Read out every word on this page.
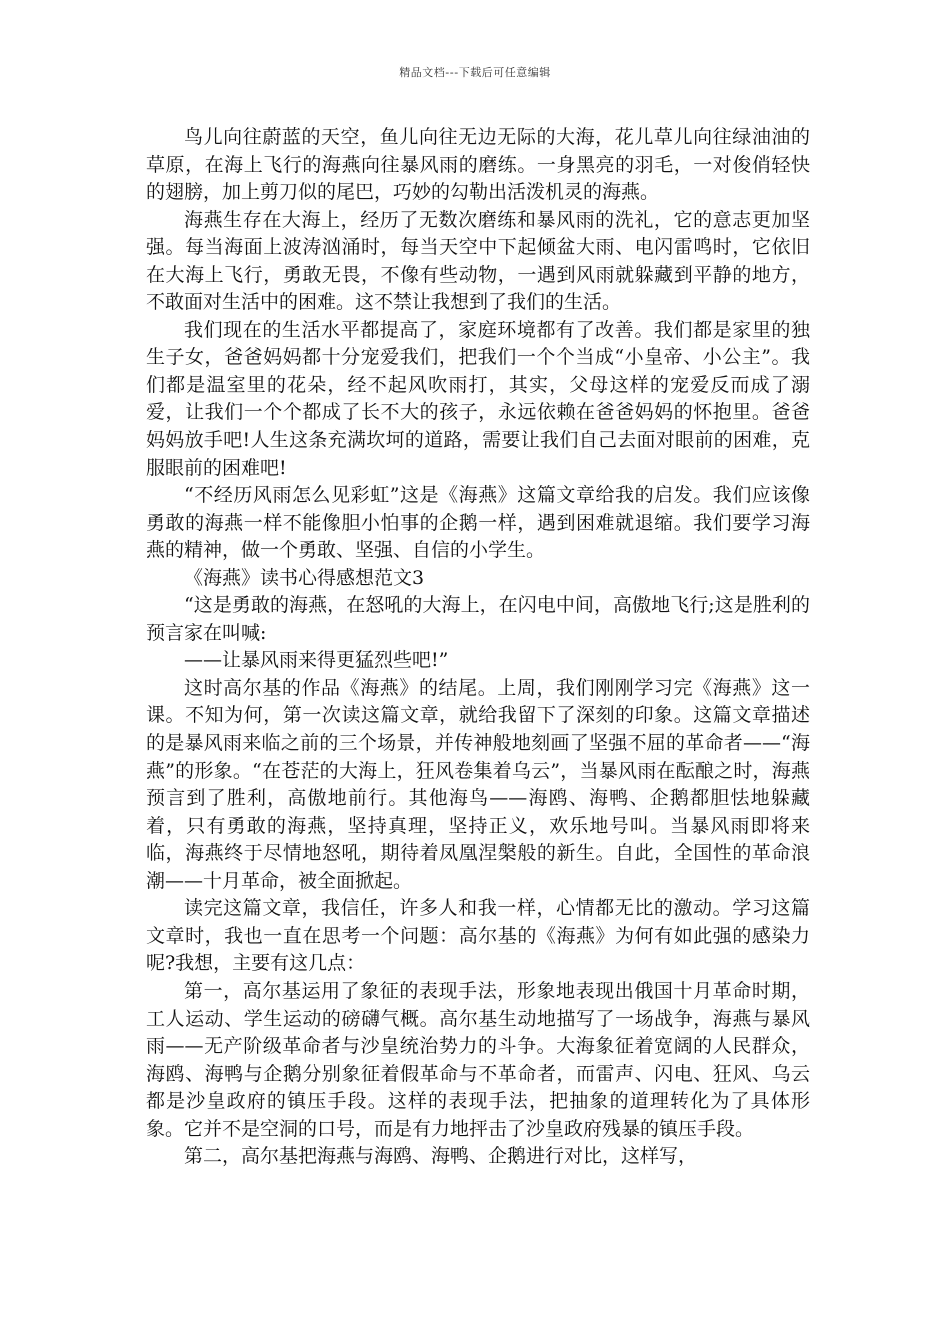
精品文档---下载后可任意编辑

鸟儿向往蔚蓝的天空，鱼儿向往无边无际的大海，花儿草儿向往绿油油的草原，在海上飞行的海燕向往暴风雨的磨练。一身黑亮的羽毛，一对俊俏轻快的翅膀，加上剪刀似的尾巴，巧妙的勾勒出活泼机灵的海燕。

海燕生存在大海上，经历了无数次磨练和暴风雨的洗礼，它的意志更加坚强。每当海面上波涛汹涌时，每当天空中下起倾盆大雨、电闪雷鸣时，它依旧在大海上飞行，勇敢无畏，不像有些动物，一遇到风雨就躲藏到平静的地方，不敢面对生活中的困难。这不禁让我想到了我们的生活。

我们现在的生活水平都提高了，家庭环境都有了改善。我们都是家里的独生子女，爸爸妈妈都十分宠爱我们，把我们一个个当成“小皇帝、小公主”。我们都是温室里的花朵，经不起风吹雨打，其实，父母这样的宠爱反而成了溺爱，让我们一个个都成了长不大的孩子，永远依赖在爸爸妈妈的怀抱里。爸爸妈妈放手吧!人生这条充满坎坷的道路，需要让我们自己去面对眼前的困难，克服眼前的困难吧!

“不经历风雨怎么见彩虹”这是《海燕》这篇文章给我的启发。我们应该像勇敢的海燕一样不能像胆小怕事的企鹅一样，遇到困难就退缩。我们要学习海燕的精神，做一个勇敢、坚强、自信的小学生。

《海燕》读书心得感想范文3

“这是勇敢的海燕，在怒吼的大海上，在闪电中间，高傲地飞行;这是胜利的预言家在叫喊:

——让暴风雨来得更猛烈些吧!”

这时高尔基的作品《海燕》的结尾。上周，我们刚刚学习完《海燕》这一课。不知为何，第一次读这篇文章，就给我留下了深刻的印象。这篇文章描述的是暴风雨来临之前的三个场景，并传神般地刻画了坚强不屈的革命者——“海燕”的形象。“在苍茫的大海上，狂风卷集着乌云”，当暴风雨在酝酿之时，海燕预言到了胜利，高傲地前行。其他海鸟——海鸥、海鸭、企鹅都胆怯地躲藏着，只有勇敢的海燕，坚持真理，坚持正义，欢乐地号叫。当暴风雨即将来临，海燕终于尽情地怒吼，期待着凤凰涅槃般的新生。自此，全国性的革命浪潮——十月革命，被全面掀起。

读完这篇文章，我信任，许多人和我一样，心情都无比的激动。学习这篇文章时，我也一直在思考一个问题：高尔基的《海燕》为何有如此强的感染力呢?我想，主要有这几点：

第一，高尔基运用了象征的表现手法，形象地表现出俄国十月革命时期，工人运动、学生运动的磅礴气概。高尔基生动地描写了一场战争，海燕与暴风雨——无产阶级革命者与沙皇统治势力的斗争。大海象征着宽阔的人民群众，海鸥、海鸭与企鹅分别象征着假革命与不革命者，而雷声、闪电、狂风、乌云都是沙皇政府的镇压手段。这样的表现手法，把抽象的道理转化为了具体形象。它并不是空洞的口号，而是有力地抨击了沙皇政府残暴的镇压手段。

第二，高尔基把海燕与海鸥、海鸭、企鹅进行对比，这样写，
